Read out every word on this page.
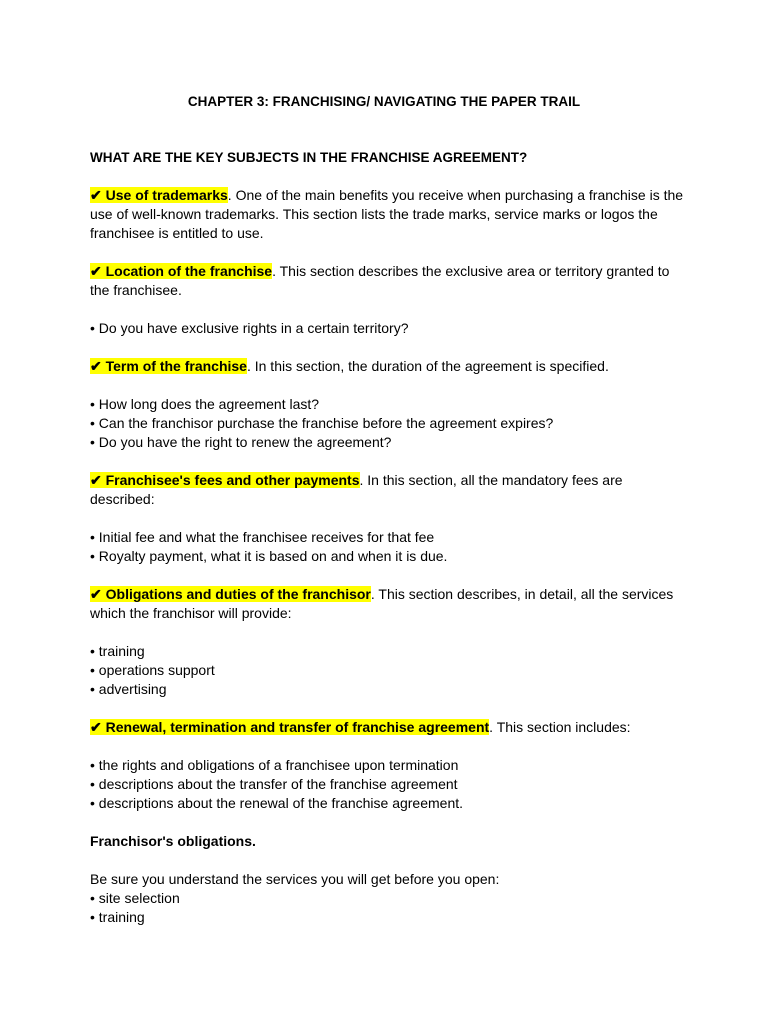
CHAPTER 3: FRANCHISING/ NAVIGATING THE PAPER TRAIL
WHAT ARE THE KEY SUBJECTS IN THE FRANCHISE AGREEMENT?

✔ Use of trademarks. One of the main benefits you receive when purchasing a franchise is the use of well-known trademarks. This section lists the trade marks, service marks or logos the franchisee is entitled to use.

✔ Location of the franchise. This section describes the exclusive area or territory granted to the franchisee.

• Do you have exclusive rights in a certain territory?

✔ Term of the franchise. In this section, the duration of the agreement is specified.

• How long does the agreement last?
• Can the franchisor purchase the franchise before the agreement expires?
• Do you have the right to renew the agreement?

✔ Franchisee's fees and other payments. In this section, all the mandatory fees are described:

• Initial fee and what the franchisee receives for that fee
• Royalty payment, what it is based on and when it is due.

✔ Obligations and duties of the franchisor. This section describes, in detail, all the services which the franchisor will provide:

• training
• operations support
• advertising

✔ Renewal, termination and transfer of franchise agreement. This section includes:

• the rights and obligations of a franchisee upon termination
• descriptions about the transfer of the franchise agreement
• descriptions about the renewal of the franchise agreement.
Franchisor's obligations.
Be sure you understand the services you will get before you open:
• site selection
• training
